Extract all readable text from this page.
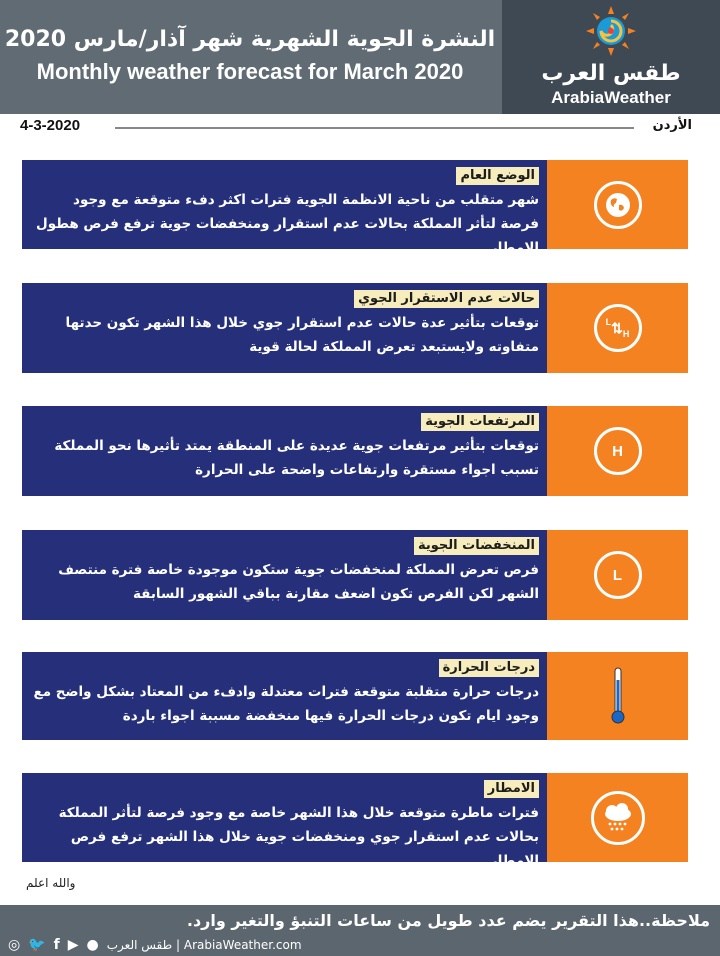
النشرة الجوية الشهرية شهر آذار/مارس 2020
Monthly weather forecast for March 2020	طقس العرب
ArabiaWeather
4-3-2020	الأردن
الوضع العام
شهر متقلب من ناحية الانظمة الجوية فترات اكثر دفء متوقعة مع وجود فرصة لتأثر المملكة بحالات عدم استقرار ومنخفضات جوية ترفع فرص هطول الامطار
حالات عدم الاستقرار الجوي
توقعات بتأثير عدة حالات عدم استقرار جوي خلال هذا الشهر تكون حدتها متفاوته ولايستبعد تعرض المملكة لحالة قوية
L ⇅ H
المرتفعات الجوية
توقعات بتأثير مرتفعات جوية عديدة على المنطقة يمتد تأثيرها نحو المملكة تسبب اجواء مستقرة وارتفاعات واضحة على الحرارة
H
المنخفضات الجوية
فرص تعرض المملكة لمنخفضات جوية ستكون موجودة خاصة فترة منتصف الشهر لكن الفرص تكون اضعف مقارنة بباقي الشهور السابقة
L
درجات الحرارة
درجات حرارة متقلبة متوقعة فترات معتدلة وادفء من المعتاد بشكل واضح مع وجود ايام تكون درجات الحرارة فيها منخفضة مسببة اجواء باردة
الامطار
فترات ماطرة متوقعة خلال هذا الشهر خاصة مع وجود فرصة لتأثر المملكة بحالات عدم استقرار جوي ومنخفضات جوية خلال هذا الشهر ترفع فرص الامطار
والله اعلم
ملاحظة..هذا التقرير يضم عدد طويل من ساعات التنبؤ والتغير وارد.
◎ 🐦 f ▶ ● طقس العرب | ArabiaWeather.com
